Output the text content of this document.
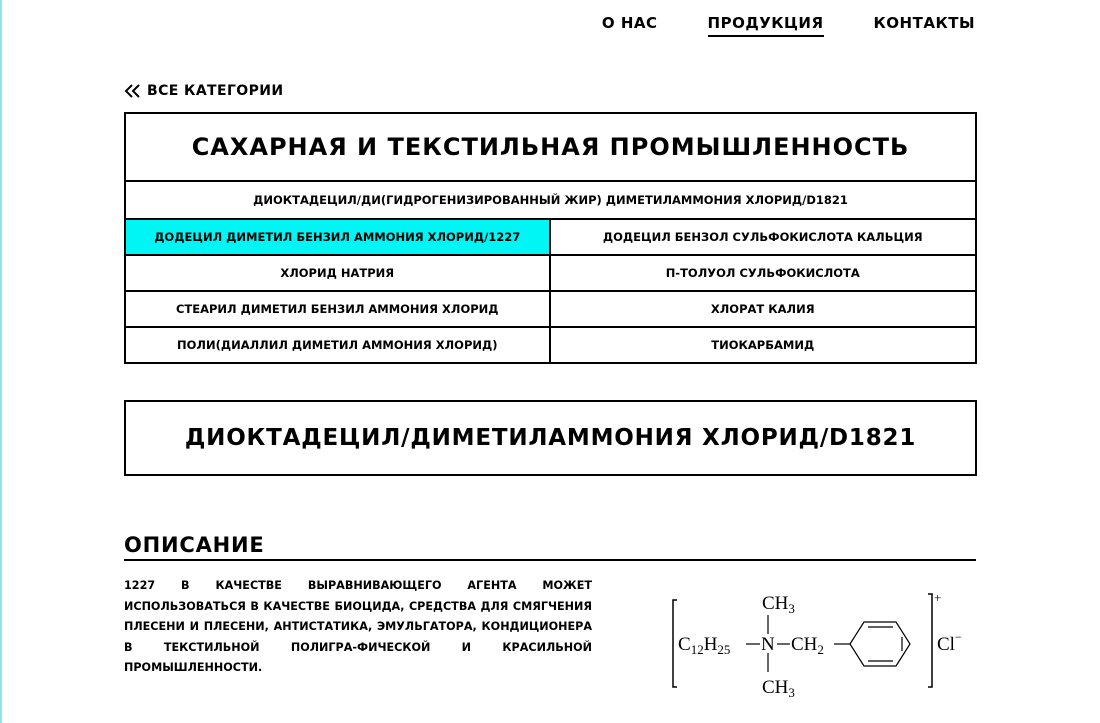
О НАС	ПРОДУКЦИЯ	КОНТАКТЫ
ВСЕ КАТЕГОРИИ
САХАРНАЯ И ТЕКСТИЛЬНАЯ ПРОМЫШЛЕННОСТЬ
ДИОКТАДЕЦИЛ/ДИ(ГИДРОГЕНИЗИРОВАННЫЙ ЖИР) ДИМЕТИЛАММОНИЯ ХЛОРИД/D1821
ДОДЕЦИЛ ДИМЕТИЛ БЕНЗИЛ АММОНИЯ ХЛОРИД/1227	ДОДЕЦИЛ БЕНЗОЛ СУЛЬФОКИСЛОТА КАЛЬЦИЯ
ХЛОРИД НАТРИЯ	П-ТОЛУОЛ СУЛЬФОКИСЛОТА
СТЕАРИЛ ДИМЕТИЛ БЕНЗИЛ АММОНИЯ ХЛОРИД	ХЛОРАТ КАЛИЯ
ПОЛИ(ДИАЛЛИЛ ДИМЕТИЛ АММОНИЯ ХЛОРИД)	ТИОКАРБАМИД
ДИОКТАДЕЦИЛ/ДИМЕТИЛАММОНИЯ ХЛОРИД/D1821
ОПИСАНИЕ

1227 В КАЧЕСТВЕ ВЫРАВНИВАЮЩЕГО АГЕНТА МОЖЕТ ИСПОЛЬЗОВАТЬСЯ В КАЧЕСТВЕ БИОЦИДА, СРЕДСТВА ДЛЯ СМЯГЧЕНИЯ ПЛЕСЕНИ И ПЛЕСЕНИ, АНТИСТАТИКА, ЭМУЛЬГАТОРА, КОНДИЦИОНЕРА В ТЕКСТИЛЬНОЙ ПОЛИГРА-ФИЧЕСКОЙ И КРАСИЛЬНОЙ ПРОМЫШЛЕННОСТИ.

$CH_3$
$C_{12}H_{25}$ N $CH_2$
$CH_3$
+
Cl−
